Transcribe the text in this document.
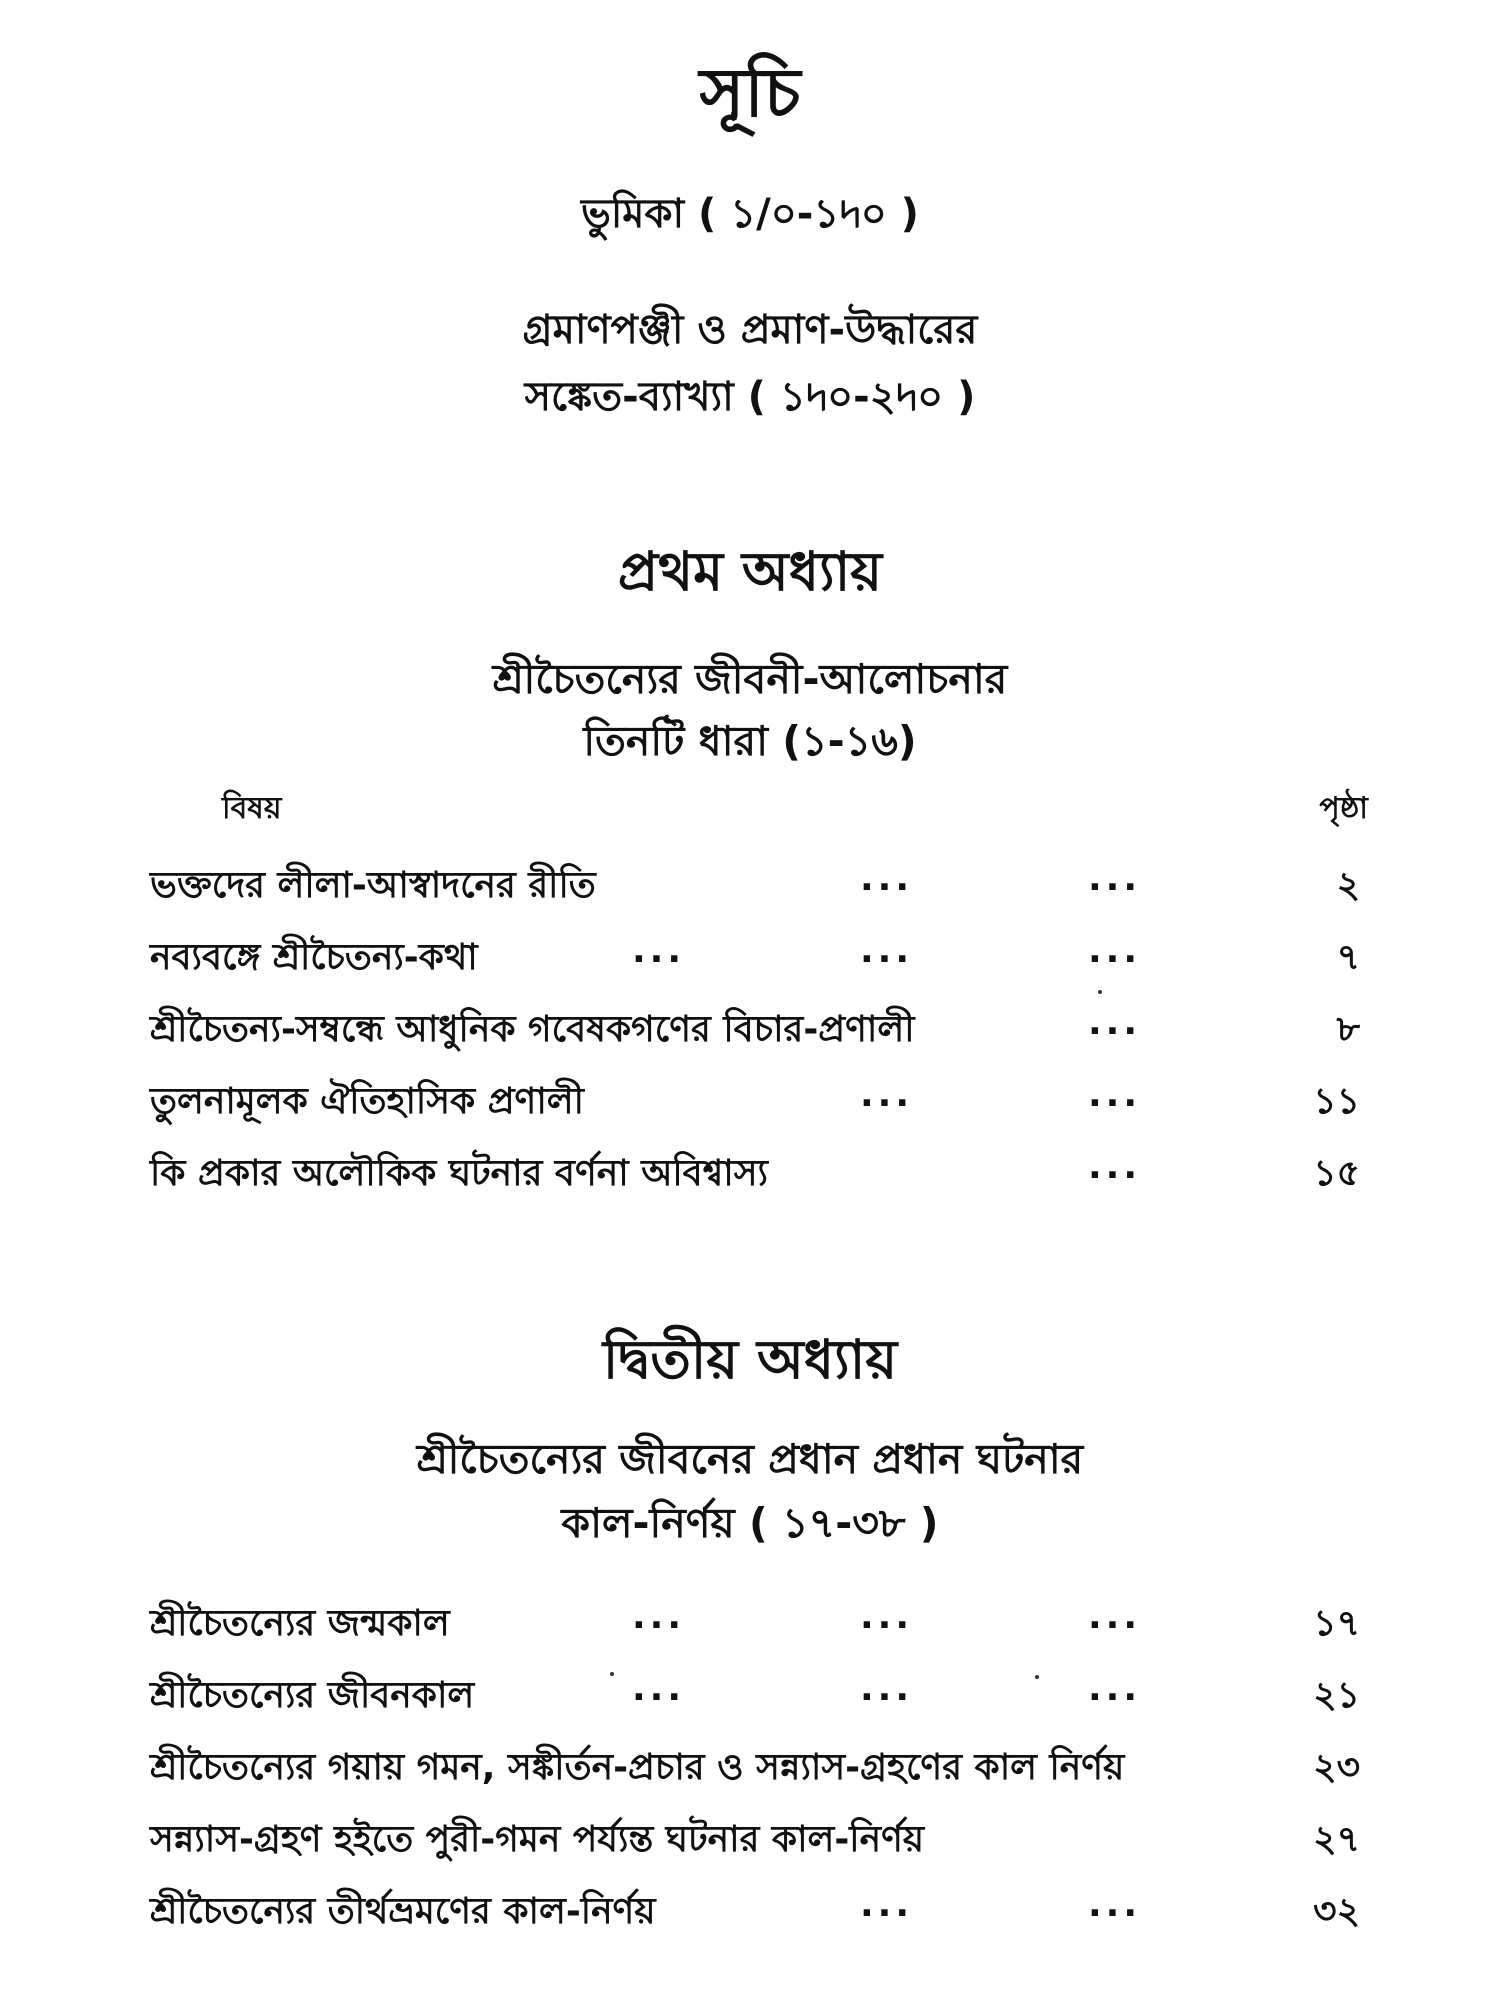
সূচি
ভুমিকা ( ১/০-১৸০ )
গ্রমাণপঞ্জী ও প্রমাণ-উদ্ধারের
সঙ্কেত-ব্যাখ্যা ( ১৸০-২৸০ )
প্রথম অধ্যায়
শ্রীচৈতন্যের জীবনী-আলোচনার
তিনটি ধারা (১-১৬)
বিষয়	পৃষ্ঠা
ভক্তদের লীলা-আস্বাদনের রীতি	...	...	২
নব্যবঙ্গে শ্রীচৈতন্য-কথা	...	...	...	৭
শ্রীচৈতন্য-সম্বন্ধে আধুনিক গবেষকগণের বিচার-প্রণালী	...	৮
তুলনামূলক ঐতিহাসিক প্রণালী	...	...	১১
কি প্রকার অলৌকিক ঘটনার বর্ণনা অবিশ্বাস্য	...	১৫
দ্বিতীয় অধ্যায়
শ্রীচৈতন্যের জীবনের প্রধান প্রধান ঘটনার
কাল-নির্ণয় ( ১৭-৩৮ )
শ্রীচৈতন্যের জন্মকাল	...	...	...	১৭
শ্রীচৈতন্যের জীবনকাল	...	...	...	২১
শ্রীচৈতন্যের গয়ায় গমন, সঙ্কীর্তন-প্রচার ও সন্ন্যাস-গ্রহণের কাল নির্ণয়	২৩
সন্ন্যাস-গ্রহণ হইতে পুরী-গমন পর্য্যন্ত ঘটনার কাল-নির্ণয়	২৭
শ্রীচৈতন্যের তীর্থভ্রমণের কাল-নির্ণয়	...	...	৩২
